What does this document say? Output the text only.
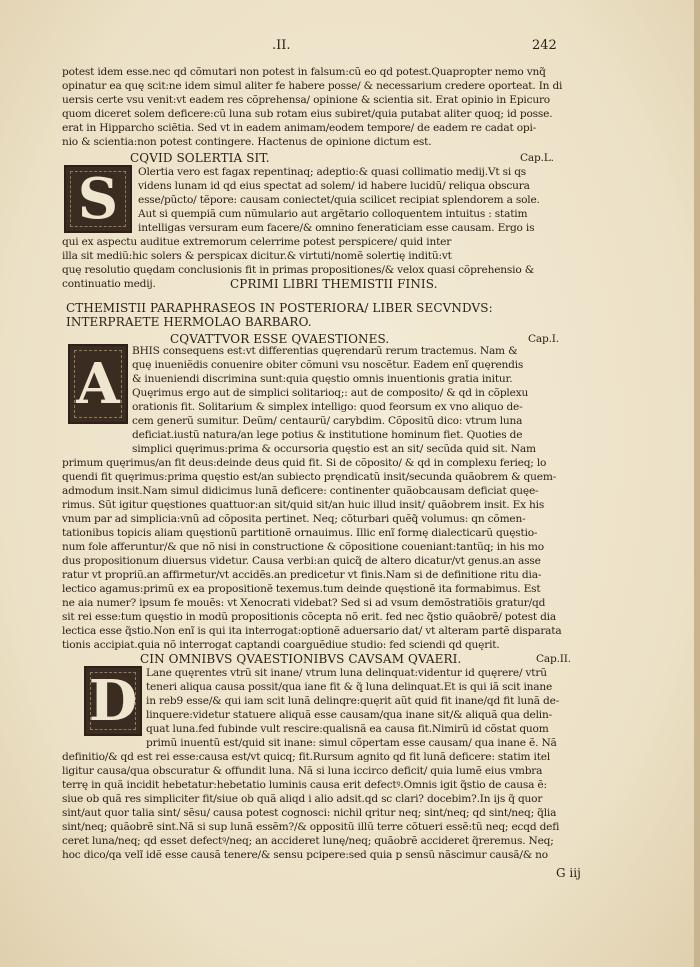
.II.	242
potest idem esse.nec qd cõmutari non potest in falsum:cũ eo qd potest.Quapropter nemo vnq̃
opinatur ea quę scit:ne idem simul aliter fe habere posse/ & necessarium credere oporteat. In di
uersis certe vsu venit:vt eadem res cõprehensa/ opinione & scientia sit. Erat opinio in Epicuro
quom diceret solem deficere:cũ luna sub rotam eius subiret/quia putabat aliter quoq; id posse.
erat in Hipparcho sciẽtia. Sed vt in eadem animam/eodem tempore/ de eadem re cadat opi-
nio & scientia:non potest contingere. Hactenus de opinione dictum est.
CQVID SOLERTIA SIT.	Cap.L.
S Olertia vero est fagax repentinaq; adeptio:& quasi collimatio medij.Vt si qs
videns lunam id qd eius spectat ad solem/ id habere lucidũ/ reliqua obscura
esse/pũcto/ tẽpore: causam coniectet/quia scilicet recipiat splendorem a sole.
Aut si quempiã cum nũmulario aut argẽtario colloquentem intuitus : statim
intelligas versuram eum facere/& omnino feneraticiam esse causam. Ergo is
qui ex aspectu auditue extremorum celerrime potest perspicere/ quid inter
illa sit mediũ:hic solers & perspicax dicitur.& virtuti/nomẽ solertię inditũ:vt
quę resolutio quędam conclusionis fit in primas propositiones/& velox quasi cõprehensio &
continuatio medij.	CPRIMI LIBRI THEMISTII FINIS.
CTHEMISTII PARAPHRASEOS IN POSTERIORA/ LIBER SECVNDVS:
INTERPRAETE HERMOLAO BARBARO.
CQVATTVOR ESSE QVAESTIONES.	Cap.I.
A BHIS consequens est:vt differentias quęrendarũ rerum tractemus. Nam &
quę inueniẽdis conuenire obiter cõmuni vsu noscẽtur. Eadem enĩ quęrendis
& inueniendi discrimina sunt:quia quęstio omnis inuentionis gratia initur.
Quęrimus ergo aut de simplici solitarioq;: aut de composito/ & qd in cõplexu
orationis fit. Solitarium & simplex intelligo: quod feorsum ex vno aliquo de-
cem generũ sumitur. Deũm/ centaurũ/ carybdim. Cõpositũ dico: vtrum luna
deficiat.iustũ natura/an lege potius & institutione hominum fiet. Quoties de
simplici quęrimus:prima & occursoria quęstio est an sit/ secũda quid sit. Nam
primum quęrimus/an fit deus:deinde deus quid fit. Si de cõposito/ & qd in complexu ferieq; lo
quendi fit quęrimus:prima quęstio est/an subiecto pręndicatũ insit/secunda quãobrem & quem-
admodum insit.Nam simul didicimus lunã deficere: continenter quãobcausam deficiat quęe-
rimus. Sũt igitur quęstiones quattuor:an sit/quid sit/an huic illud insit/ quãobrem insit. Ex his
vnum par ad simplicia:vnũ ad cõposita pertinet. Neq; cõturbari quẽq̃ volumus: qn cõmen-
tationibus topicis aliam quęstionũ partitionẽ ornauimus. Illic enĩ formę dialecticarũ quęstio-
num fole afferuntur/& que nõ nisi in constructione & cõpositione coueniant:tantũq; in his mo
dus propositionum diuersus videtur. Causa verbi:an quicq̃ de altero dicatur/vt genus.an asse
ratur vt propriũ.an affirmetur/vt accidẽs.an predicetur vt finis.Nam si de definitione ritu dia-
lectico agamus:primũ ex ea propositionẽ texemus.tum deinde quęstionẽ ita formabimus. Est
ne aia numer? ipsum fe mouẽs: vt Xenocrati videbat? Sed si ad vsum demõstratiõis gratur/qd
sit rei esse:tum quęstio in modũ propositionis cõcepta nõ erit. fed nec q̃stio quãobrẽ/ potest dia
lectica esse q̃stio.Non enĩ is qui ita interrogat:optionẽ aduersario dat/ vt alteram partẽ disparata
tionis accipiat.quia nõ interrogat captandi coarguẽdiue studio: fed sciendi qd quęrit.
CIN OMNIBVS QVAESTIONIBVS CAVSAM QVAERI.	Cap.II.
D Lane quęrentes vtrũ sit inane/ vtrum luna delinquat:videntur id quęrere/ vtrũ
teneri aliqua causa possit/qua iane fit & q̃ luna delinquat.Et is qui iã scit inane
in reb9 esse/& qui iam scit lunã delinqre:quęrit aũt quid fit inane/qd fit lunã de-
linquere:videtur statuere aliquã esse causam/qua inane sit/& aliquã qua delin-
quat luna.fed fubinde vult rescire:qualisnã ea causa fit.Nimirũ id cõstat quom
primũ inuentũ est/quid sit inane: simul cõpertam esse causam/ qua inane ẽ. Nã
definitio/& qd est rei esse:causa est/vt quicq; fit.Rursum agnito qd fit lunã deficere: statim itel
ligitur causa/qua obscuratur & offundit luna. Nã si luna iccirco deficit/ quia lumẽ eius vmbra
terrę in quã incidit hebetatur:hebetatio luminis causa erit defectꝰ.Omnis igit q̃stio de causa ẽ:
siue ob quã res simpliciter fit/siue ob quã aliqd i alio adsit.qd sc clari? docebim?.In ijs q̃ quor
sint/aut quor talia sint/ sẽsu/ causa potest cognosci: nichil qritur neq; sint/neq; qd sint/neq; q̃lia
sint/neq; quãobrẽ sint.Nã si sup lunã essẽm?/& oppositũ illũ terre cõtueri essẽ:tũ neq; ecqd defi
ceret luna/neq; qd esset defectꝰ/neq; an accideret lunę/neq; quãobrẽ accideret q̃reremus. Neq;
hoc dico/qa velĩ idẽ esse causã tenere/& sensu pcipere:sed quia p sensũ nãscimur causã/& no
G iij
